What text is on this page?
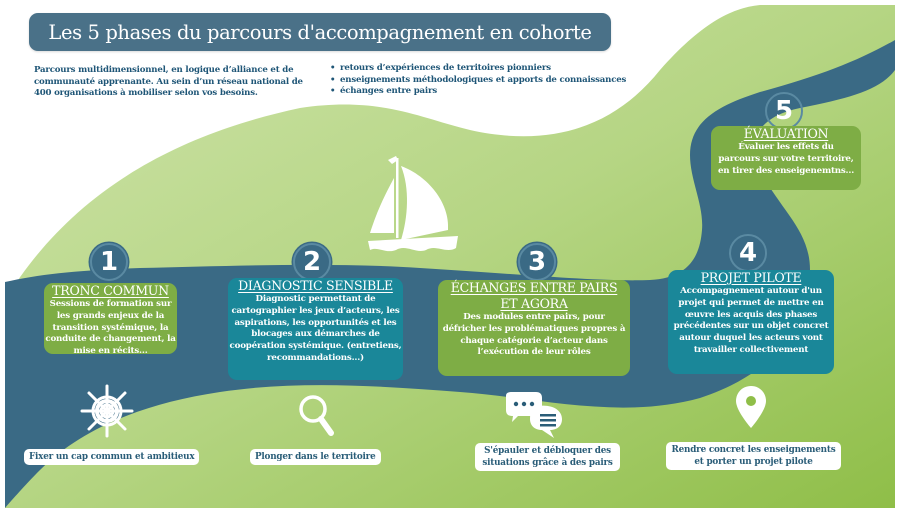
Les 5 phases du parcours d'accompagnement en cohorte
Parcours multidimensionnel, en logique d’alliance et de communauté apprenante. Au sein d’un réseau national de 400 organisations à mobiliser selon vos besoins.
• retours d’expériences de territoires pionniers
• enseignements méthodologiques et apports de connaissances
• échanges entre pairs
1
TRONC COMMUN
Sessions de formation sur les grands enjeux de la transition systémique, la conduite de changement, la mise en récits...
2
DIAGNOSTIC SENSIBLE
Diagnostic permettant de cartographier les jeux d’acteurs, les aspirations, les opportunités et les blocages aux démarches de coopération systémique. (entretiens, recommandations...)
3
ÉCHANGES ENTRE PAIRS ET AGORA
Des modules entre pairs, pour défricher les problématiques propres à chaque catégorie d’acteur dans l’exécution de leur rôles
4
PROJET PILOTE
Accompagnement autour d'un projet qui permet de mettre en œuvre les acquis des phases précédentes sur un objet concret autour duquel les acteurs vont travailler collectivement
5
ÉVALUATION
Évaluer les effets du parcours sur votre territoire, en tirer des enseigenemtns...
Fixer un cap commun et ambitieux	Plonger dans le territoire
S'épauler et débloquer des situations grâce à des pairs
Rendre concret les enseignements et porter un projet pilote
